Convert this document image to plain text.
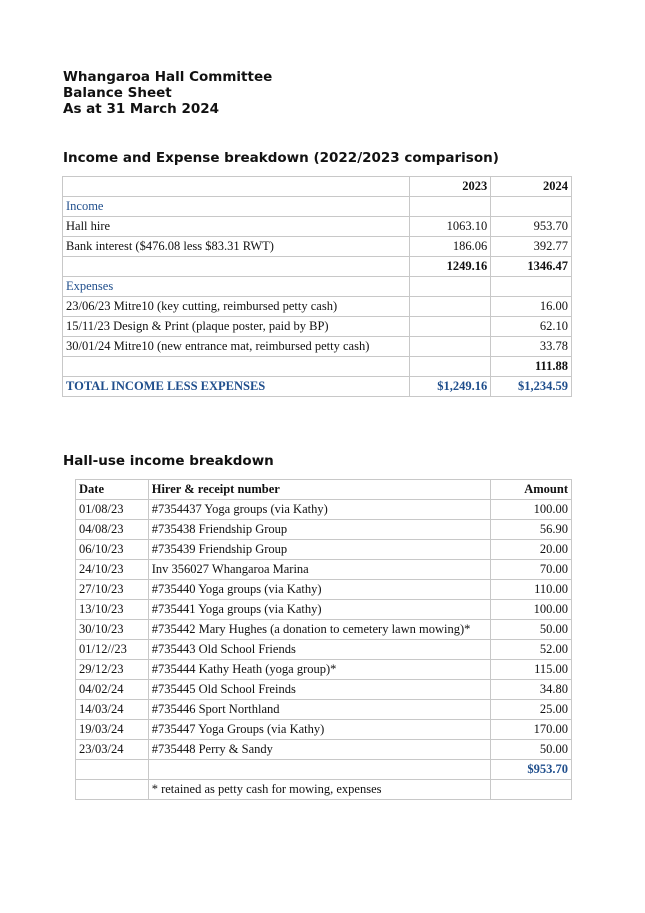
Whangaroa Hall Committee
Balance Sheet
As at 31 March 2024
Income and Expense breakdown (2022/2023 comparison)
	2023	2024
Income		
Hall hire	1063.10	953.70
Bank interest ($476.08 less $83.31 RWT)	186.06	392.77
	1249.16	1346.47
Expenses		
23/06/23 Mitre10 (key cutting, reimbursed petty cash)		16.00
15/11/23 Design & Print (plaque poster, paid by BP)		62.10
30/01/24 Mitre10 (new entrance mat, reimbursed petty cash)		33.78
		111.88
TOTAL INCOME LESS EXPENSES	$1,249.16	$1,234.59
Hall-use income breakdown
Date	Hirer & receipt number	Amount
01/08/23	#7354437 Yoga groups (via Kathy)	100.00
04/08/23	#735438 Friendship Group	56.90
06/10/23	#735439 Friendship Group	20.00
24/10/23	Inv 356027 Whangaroa Marina	70.00
27/10/23	#735440 Yoga groups (via Kathy)	110.00
13/10/23	#735441 Yoga groups (via Kathy)	100.00
30/10/23	#735442 Mary Hughes (a donation to cemetery lawn mowing)*	50.00
01/12//23	#735443 Old School Friends	52.00
29/12/23	#735444 Kathy Heath (yoga group)*	115.00
04/02/24	#735445 Old School Freinds	34.80
14/03/24	#735446 Sport Northland	25.00
19/03/24	#735447 Yoga Groups (via Kathy)	170.00
23/03/24	#735448 Perry & Sandy	50.00
		$953.70
	* retained as petty cash for mowing, expenses	
